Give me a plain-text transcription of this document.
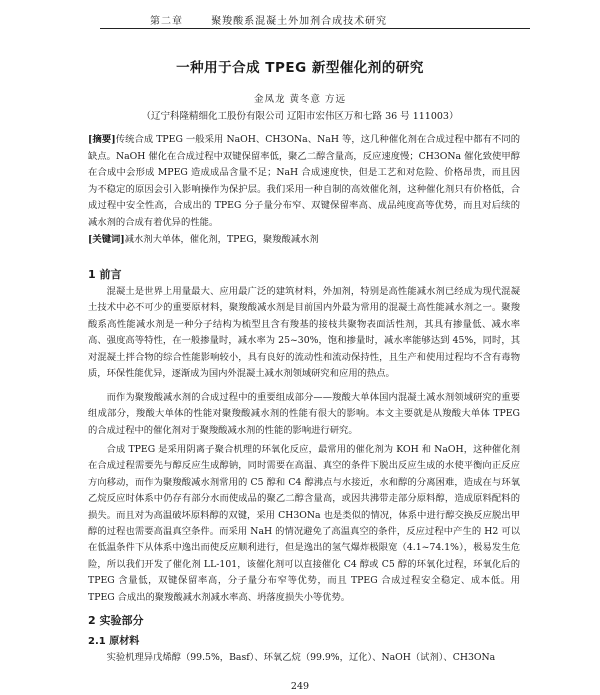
第二章	聚羧酸系混凝土外加剂合成技术研究
一种用于合成 TPEG 新型催化剂的研究
金凤龙 黄冬意 方远
（辽宁科隆精细化工股份有限公司 辽阳市宏伟区万和七路 36 号 111003）

[摘要]传统合成 TPEG 一般采用 NaOH、CH3ONa、NaH 等，这几种催化剂在合成过程中都有不同的缺点。NaOH 催化在合成过程中双键保留率低，聚乙二醇含量高，反应速度慢；CH3ONa 催化致使甲醇在合成中会形成 MPEG 造成成品含量不足；NaH 合成速度快，但是工艺和对危险、价格昂贵，而且因为不稳定的原因会引入影响操作为保护层。我们采用一种自制的高效催化剂，这种催化剂只有价格低，合成过程中安全性高，合成出的 TPEG 分子量分布窄、双键保留率高、成品纯度高等优势，而且对后续的减水剂的合成有着优异的性能。

[关键词]减水剂大单体，催化剂，TPEG，聚羧酸减水剂

1 前言

混凝土是世界上用量最大、应用最广泛的建筑材料，外加剂，特别是高性能减水剂已经成为现代混凝土技术中必不可少的重要原材料，聚羧酸减水剂是目前国内外最为常用的混凝土高性能减水剂之一。聚羧酸系高性能减水剂是一种分子结构为梳型且含有羧基的接枝共聚物表面活性剂，其具有掺量低、减水率高、强度高等特性，在一般掺量时，减水率为 25~30%，饱和掺量时，减水率能够达到 45%，同时，其对混凝土拌合物的综合性能影响较小，具有良好的流动性和流动保持性，且生产和使用过程均不含有毒物质，环保性能优异，逐渐成为国内外混凝土减水剂领域研究和应用的热点。

而作为聚羧酸减水剂的合成过程中的重要组成部分——羧酸大单体国内混凝土减水剂领域研究的重要组成部分，羧酸大单体的性能对聚羧酸减水剂的性能有很大的影响。本文主要就是从羧酸大单体 TPEG 的合成过程中的催化剂对于聚羧酸减水剂的性能的影响进行研究。

合成 TPEG 是采用阴离子聚合机理的环氧化反应，最常用的催化剂为 KOH 和 NaOH，这种催化剂在合成过程需要先与醇反应生成醇钠，同时需要在高温、真空的条件下脱出反应生成的水使平衡向正反应方向移动，而作为聚羧酸减水剂常用的 C5 醇和 C4 醇沸点与水接近，水和醇的分离困难，造成在与环氧乙烷反应时体系中仍存有部分水而使成品的聚乙二醇含量高，或因共沸带走部分原料醇，造成原料配料的损失。而且对为高温破坏原料醇的双键，采用 CH3ONa 也是类似的情况，体系中进行醇交换反应脱出甲醇的过程也需要高温真空条件。而采用 NaH 的情况避免了高温真空的条件，反应过程中产生的 H2 可以在低温条件下从体系中逸出而使反应顺利进行，但是逸出的氢气爆炸极限宽（4.1~74.1%），极易发生危险，所以我们开发了催化剂 LL-101，该催化剂可以直接催化 C4 醇或 C5 醇的环氧化过程，环氧化后的 TPEG 含量低，双键保留率高，分子量分布窄等优势，而且 TPEG 合成过程安全稳定、成本低。用 TPEG 合成出的聚羧酸减水剂减水率高、坍落度损失小等优势。

2 实验部分
2.1 原材料

实验机理异戊烯醇（99.5%，Basf）、环氧乙烷（99.9%，辽化）、NaOH（试剂）、CH3ONa

249
